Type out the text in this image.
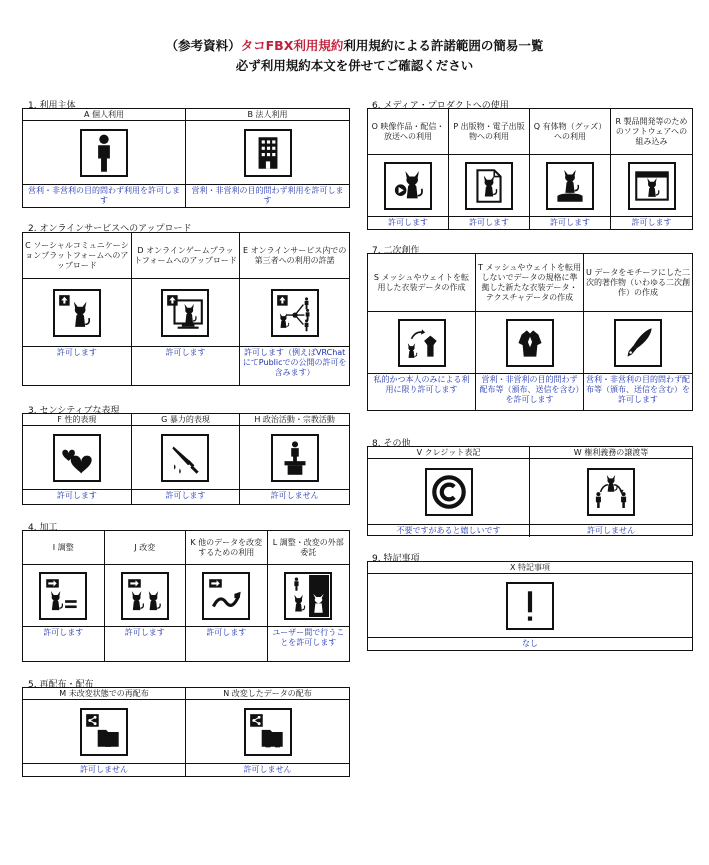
（参考資料）タコFBX利用規約利用規約による許諾範囲の簡易一覧
必ず利用規約本文を併せてご確認ください
1. 利用主体
A 個人利用
営利・非営利の目的問わず利用を許可します
B 法人利用
営利・非営利の目的問わず利用を許可します
2. オンラインサービスへのアップロード
C ソーシャルコミュニケーションプラットフォームへのアップロード
許可します
D オンラインゲームプラットフォームへのアップロード
許可します
E オンラインサービス内での第三者への利用の許諾
許可します（例えばVRChatにてPublicでの公開の許可を含みます）
3. センシティブな表現
F 性的表現
許可します
G 暴力的表現
許可します
H 政治活動・宗教活動
許可しません
4. 加工
I 調整
許可します
J 改変
許可します
K 他のデータを改変するための利用
許可します
L 調整・改変の外部委託
ユーザー間で行うことを許可します
5. 再配布・配布
M 未改変状態での再配布
許可しません
N 改変したデータの配布
許可しません
6. メディア・プロダクトへの使用
O 映像作品・配信・放送への利用
許可します
P 出版物・電子出版物への利用
許可します
Q 有体物（グッズ）への利用
許可します
R 製品開発等のためのソフトウェアへの組み込み
許可します
7. 二次創作
S メッシュやウェイトを転用した衣装データの作成
私的かつ本人のみによる利用に限り許可します
T メッシュやウェイトを転用しないでデータの規格に準拠した新たな衣装データ・テクスチャデータの作成
営利・非営利の目的問わず配布等（頒布、送信を含む）を許可します
U データをモチーフにした二次的著作物（いわゆる二次創作）の作成
営利・非営利の目的問わず配布等（頒布、送信を含む）を許可します
8. その他
V クレジット表記
不要ですがあると嬉しいです
W 権利義務の譲渡等
許可しません
9. 特記事項
X 特記事項
なし
